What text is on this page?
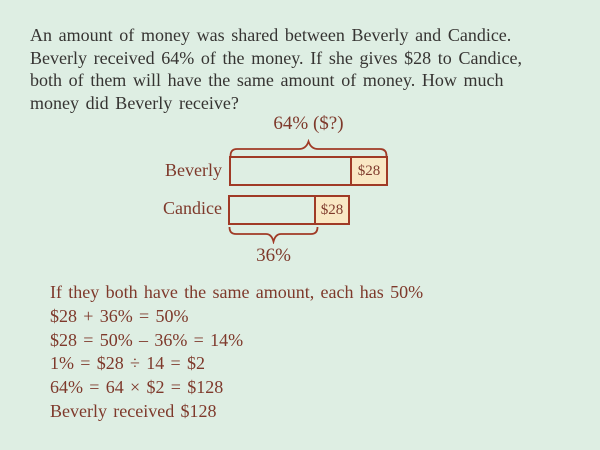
An amount of money was shared between Beverly and Candice.
Beverly received 64% of the money. If she gives $28 to Candice,
both of them will have the same amount of money. How much
money did Beverly receive?
64% ($?)
$28
Beverly
$28
Candice
36%
If they both have the same amount, each has 50%
$28 + 36% = 50%
$28 = 50% – 36% = 14%
1% = $28 ÷ 14 = $2
64% = 64 × $2 = $128
Beverly received $128
